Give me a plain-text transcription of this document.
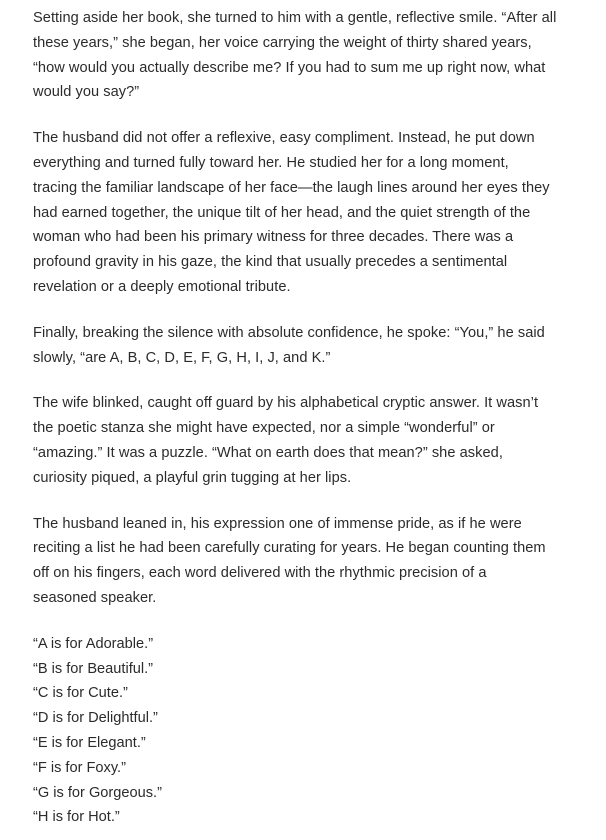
Setting aside her book, she turned to him with a gentle, reflective smile. “After all
these years,” she began, her voice carrying the weight of thirty shared years,
“how would you actually describe me? If you had to sum me up right now, what
would you say?”

The husband did not offer a reflexive, easy compliment. Instead, he put down
everything and turned fully toward her. He studied her for a long moment,
tracing the familiar landscape of her face—the laugh lines around her eyes they
had earned together, the unique tilt of her head, and the quiet strength of the
woman who had been his primary witness for three decades. There was a
profound gravity in his gaze, the kind that usually precedes a sentimental
revelation or a deeply emotional tribute.

Finally, breaking the silence with absolute confidence, he spoke: “You,” he said
slowly, “are A, B, C, D, E, F, G, H, I, J, and K.”

The wife blinked, caught off guard by his alphabetical cryptic answer. It wasn’t
the poetic stanza she might have expected, nor a simple “wonderful” or
“amazing.” It was a puzzle. “What on earth does that mean?” she asked,
curiosity piqued, a playful grin tugging at her lips.

The husband leaned in, his expression one of immense pride, as if he were
reciting a list he had been carefully curating for years. He began counting them
off on his fingers, each word delivered with the rhythmic precision of a
seasoned speaker.

“A is for Adorable.”
“B is for Beautiful.”
“C is for Cute.”
“D is for Delightful.”
“E is for Elegant.”
“F is for Foxy.”
“G is for Gorgeous.”
“H is for Hot.”
